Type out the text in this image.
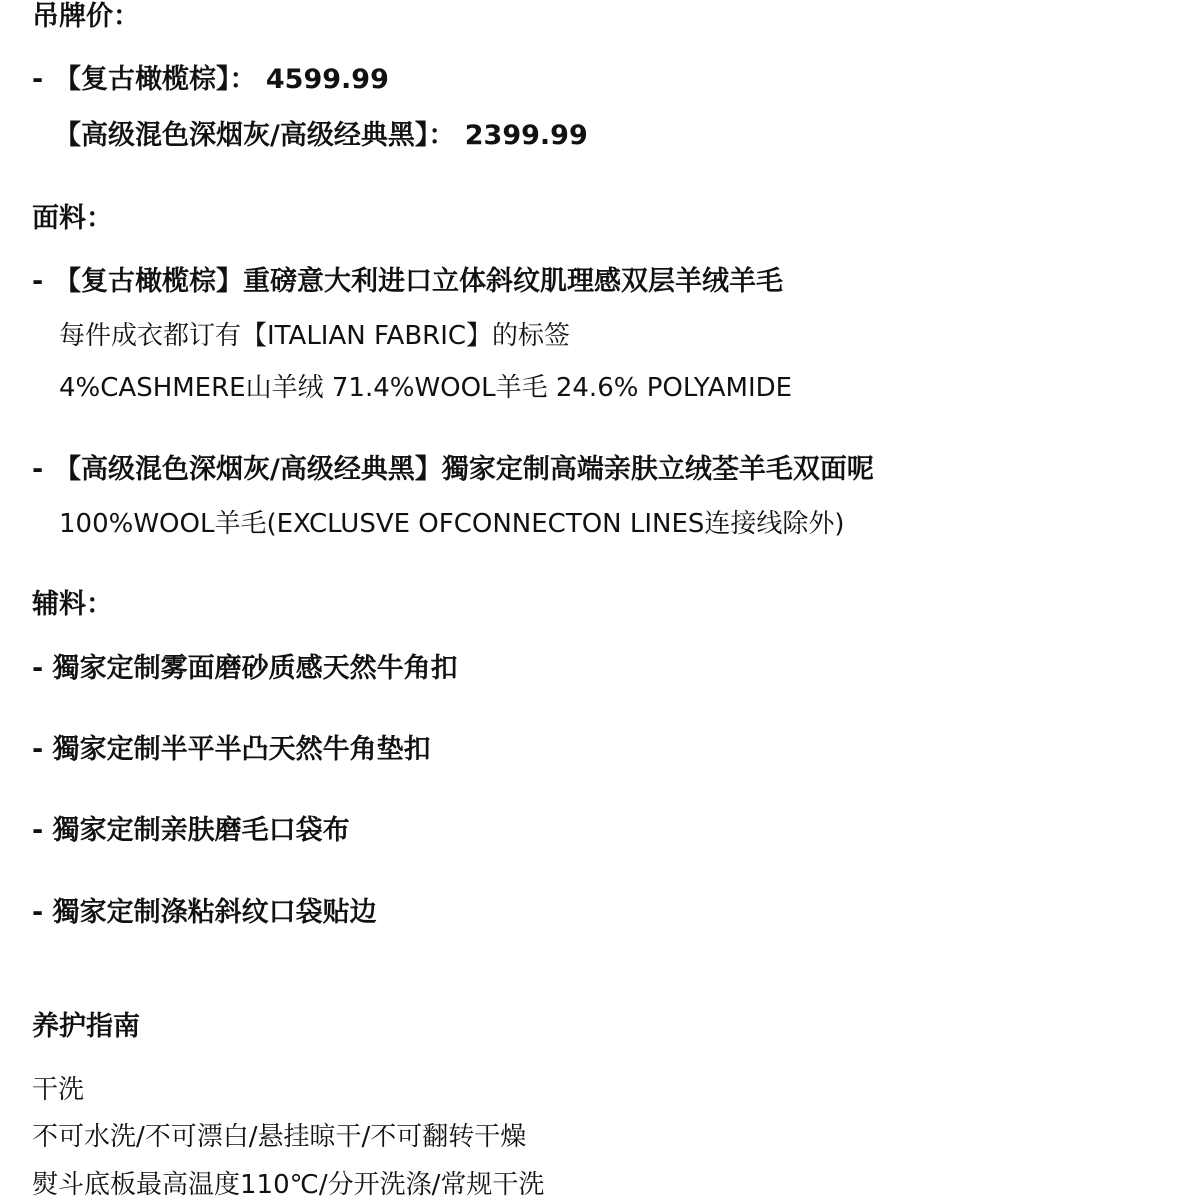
吊牌价：
- 【复古橄榄棕】： 4599.99
【高级混色深烟灰/高级经典黑】： 2399.99
面料：
- 【复古橄榄棕】重磅意大利进口立体斜纹肌理感双层羊绒羊毛
每件成衣都订有【ITALIAN FABRIC】的标签
4%CASHMERE山羊绒 71.4%WOOL羊毛 24.6% POLYAMIDE
- 【高级混色深烟灰/高级经典黑】獨家定制高端亲肤立绒荃羊毛双面呢
100%WOOL羊毛(EXCLUSVE OFCONNECTON LINES连接线除外)
辅料：
- 獨家定制雾面磨砂质感天然牛角扣
- 獨家定制半平半凸天然牛角垫扣
- 獨家定制亲肤磨毛口袋布
- 獨家定制涤粘斜纹口袋贴边
养护指南
干洗
不可水洗/不可漂白/悬挂晾干/不可翻转干燥
熨斗底板最高温度110℃/分开洗涤/常规干洗
